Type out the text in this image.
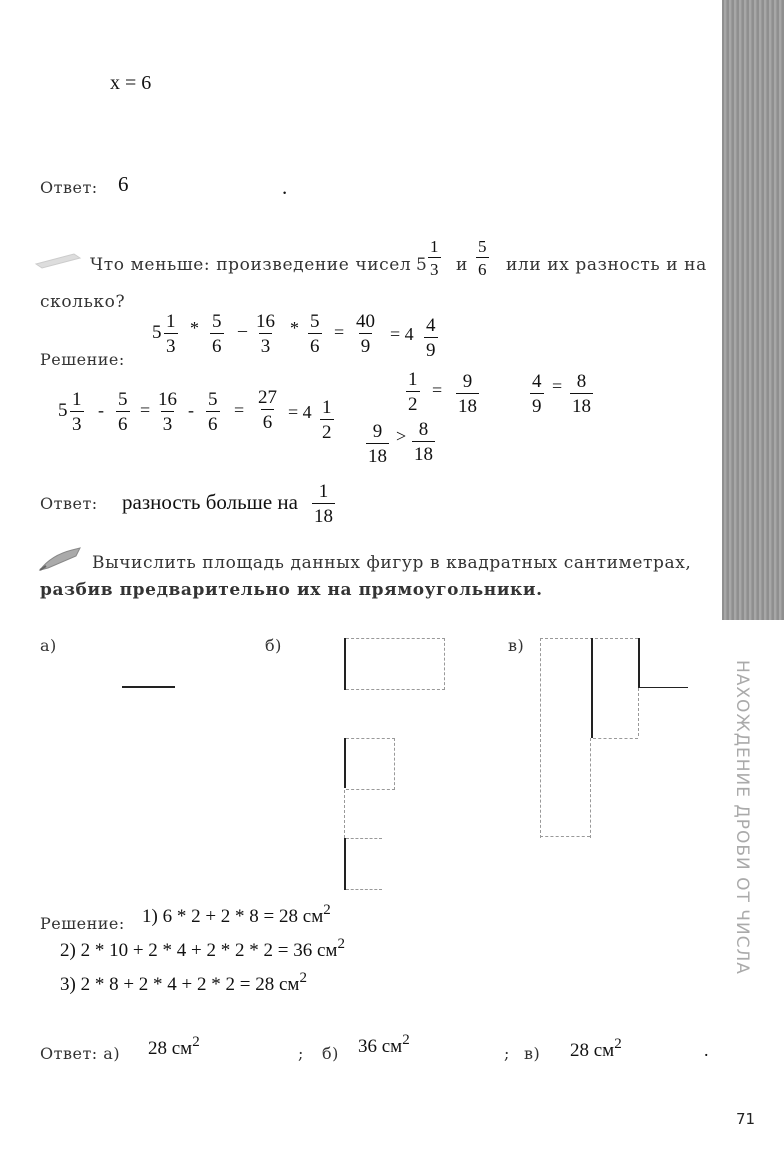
НАХОЖДЕНИЕ ДРОБИ ОТ ЧИСЛА
71
x = 6
Ответ: 6	.
Что меньше: произведение чисел $5 \frac{1}{3}$ и $\frac{5}{6}$ или их разность и на
сколько?
$5 \frac{1}{3} * \frac{5}{6} - \frac{16}{3} * \frac{5}{6} = \frac{40}{9} = 4 \frac{4}{9}$
Решение:
$5 \frac{1}{3} - \frac{5}{6} = \frac{16}{3} - \frac{5}{6} = \frac{27}{6} = 4 \frac{1}{2}$
$\frac{1}{2} = \frac{9}{18}$	$\frac{4}{9} = \frac{8}{18}$
$\frac{9}{18} > \frac{8}{18}$
Ответ: разность больше на $\frac{1}{18}$
Вычислить площадь данных фигур в квадратных сантиметрах,
разбив предварительно их на прямоугольники.
а)	б)	в)
Решение: 1) 6 * 2 + 2 * 8 = 28 $см^2$
2) 2 * 10 + 2 * 4 + 2 * 2 * 2 = 36 $см^2$
3) 2 * 8 + 2 * 4 + 2 * 2 = 28 $см^2$
Ответ: а) 28 $см^2$
; б) 36 $см^2$
; в) 28 $см^2$	.
